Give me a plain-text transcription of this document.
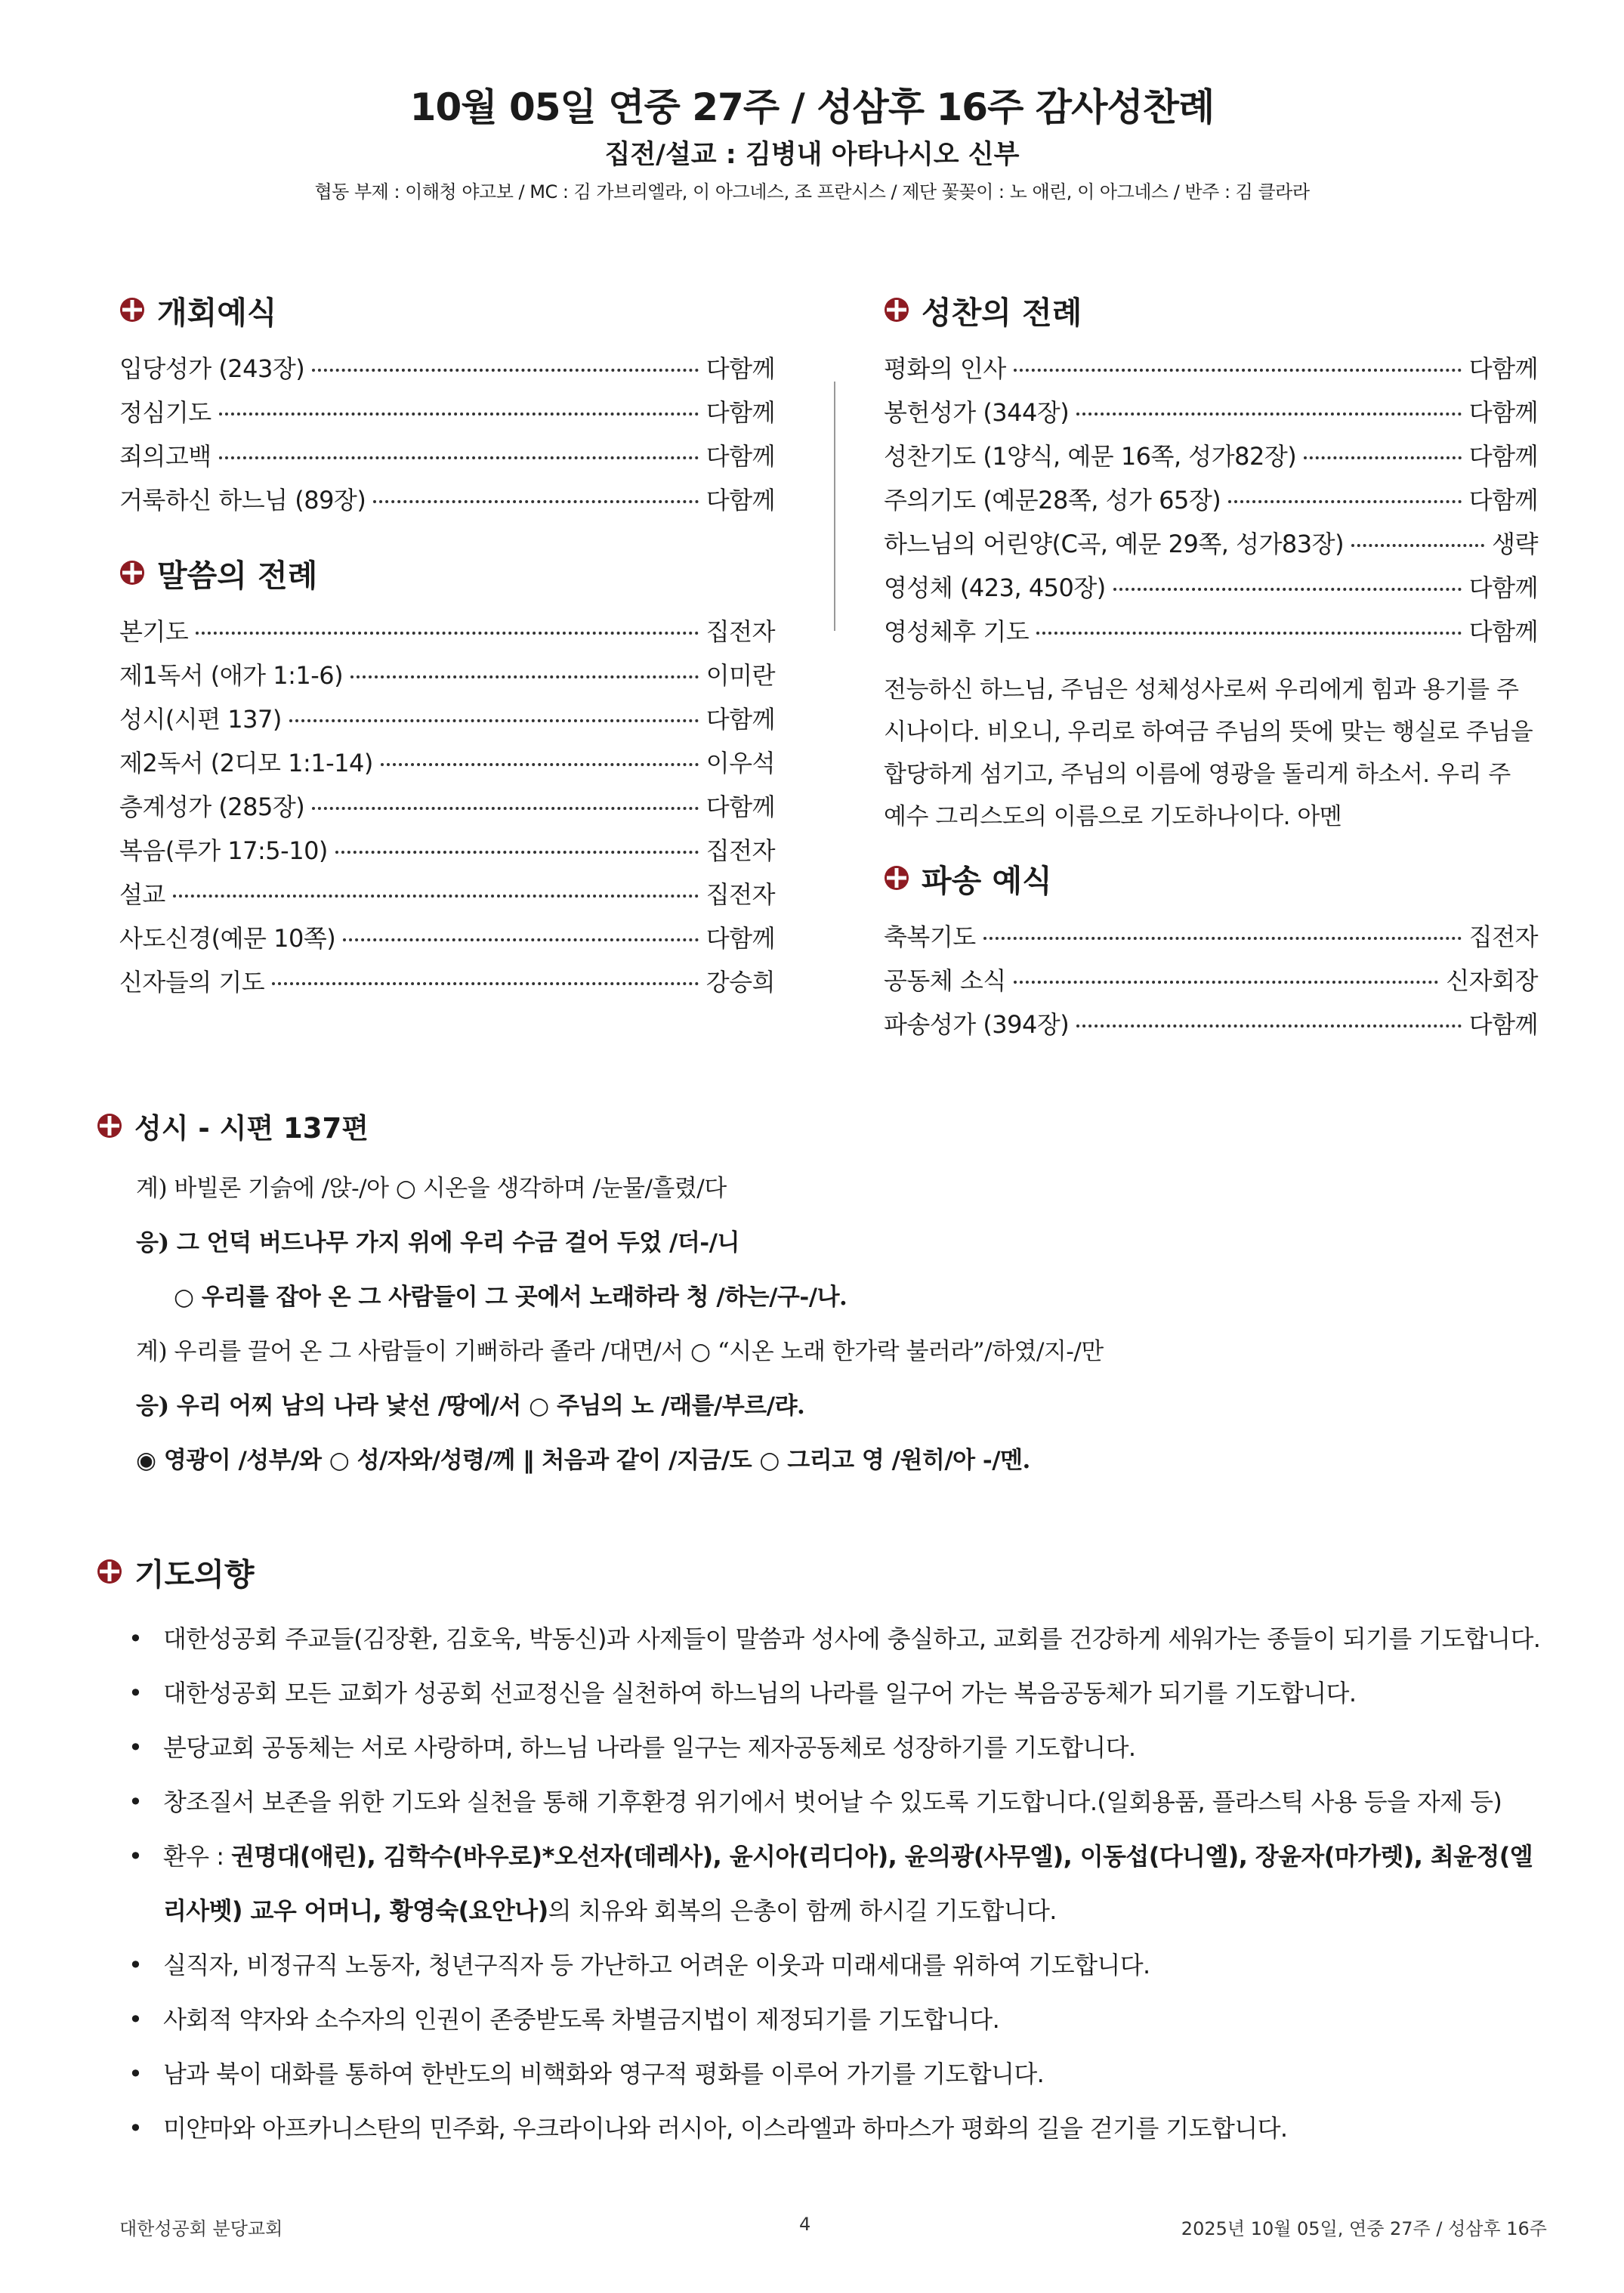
10월 05일 연중 27주 / 성삼후 16주 감사성찬례
집전/설교 : 김병내 아타나시오 신부
협동 부제 : 이해청 야고보 / MC : 김 가브리엘라, 이 아그네스, 조 프란시스 / 제단 꽃꽂이 : 노 애린, 이 아그네스 / 반주 : 김 클라라
개회예식
입당성가 (243장)	다함께
정심기도	다함께
죄의고백	다함께
거룩하신 하느님 (89장)	다함께
말씀의 전례
본기도	집전자
제1독서 (애가 1:1-6)	이미란
성시(시편 137)	다함께
제2독서 (2디모 1:1-14)	이우석
층계성가 (285장)	다함께
복음(루가 17:5-10)	집전자
설교	집전자
사도신경(예문 10쪽)	다함께
신자들의 기도	강승희
성찬의 전례
평화의 인사	다함께
봉헌성가 (344장)	다함께
성찬기도 (1양식, 예문 16쪽, 성가82장)	다함께
주의기도 (예문28쪽, 성가 65장)	다함께
하느님의 어린양(C곡, 예문 29쪽, 성가83장)	생략
영성체 (423, 450장)	다함께
영성체후 기도	다함께

전능하신 하느님, 주님은 성체성사로써 우리에게 힘과 용기를 주시나이다. 비오니, 우리로 하여금 주님의 뜻에 맞는 행실로 주님을 합당하게 섬기고, 주님의 이름에 영광을 돌리게 하소서. 우리 주 예수 그리스도의 이름으로 기도하나이다. 아멘

파송 예식
축복기도	집전자
공동체 소식	신자회장
파송성가 (394장)	다함께
성시 - 시편 137편
계) 바빌론 기슭에 /앉-/아 ○ 시온을 생각하며 /눈물/흘렸/다
응) 그 언덕 버드나무 가지 위에 우리 수금 걸어 두었 /더-/니
○ 우리를 잡아 온 그 사람들이 그 곳에서 노래하라 청 /하는/구-/나.
계) 우리를 끌어 온 그 사람들이 기뻐하라 졸라 /대면/서 ○ “시온 노래 한가락 불러라”/하였/지-/만
응) 우리 어찌 남의 나라 낯선 /땅에/서 ○ 주님의 노 /래를/부르/랴.
◉ 영광이 /성부/와 ○ 성/자와/성령/께 ‖ 처음과 같이 /지금/도 ○ 그리고 영 /원히/아 -/멘.
기도의향
• 대한성공회 주교들(김장환, 김호욱, 박동신)과 사제들이 말씀과 성사에 충실하고, 교회를 건강하게 세워가는 종들이 되기를 기도합니다.
• 대한성공회 모든 교회가 성공회 선교정신을 실천하여 하느님의 나라를 일구어 가는 복음공동체가 되기를 기도합니다.
• 분당교회 공동체는 서로 사랑하며, 하느님 나라를 일구는 제자공동체로 성장하기를 기도합니다.
• 창조질서 보존을 위한 기도와 실천을 통해 기후환경 위기에서 벗어날 수 있도록 기도합니다.(일회용품, 플라스틱 사용 등을 자제 등)
• 환우 : 권명대(애린), 김학수(바우로)*오선자(데레사), 윤시아(리디아), 윤의광(사무엘), 이동섭(다니엘), 장윤자(마가렛), 최윤정(엘리사벳) 교우 어머니, 황영숙(요안나)의 치유와 회복의 은총이 함께 하시길 기도합니다.
• 실직자, 비정규직 노동자, 청년구직자 등 가난하고 어려운 이웃과 미래세대를 위하여 기도합니다.
• 사회적 약자와 소수자의 인권이 존중받도록 차별금지법이 제정되기를 기도합니다.
• 남과 북이 대화를 통하여 한반도의 비핵화와 영구적 평화를 이루어 가기를 기도합니다.
• 미얀마와 아프카니스탄의 민주화, 우크라이나와 러시아, 이스라엘과 하마스가 평화의 길을 걷기를 기도합니다.
대한성공회 분당교회	4	2025년 10월 05일, 연중 27주 / 성삼후 16주
